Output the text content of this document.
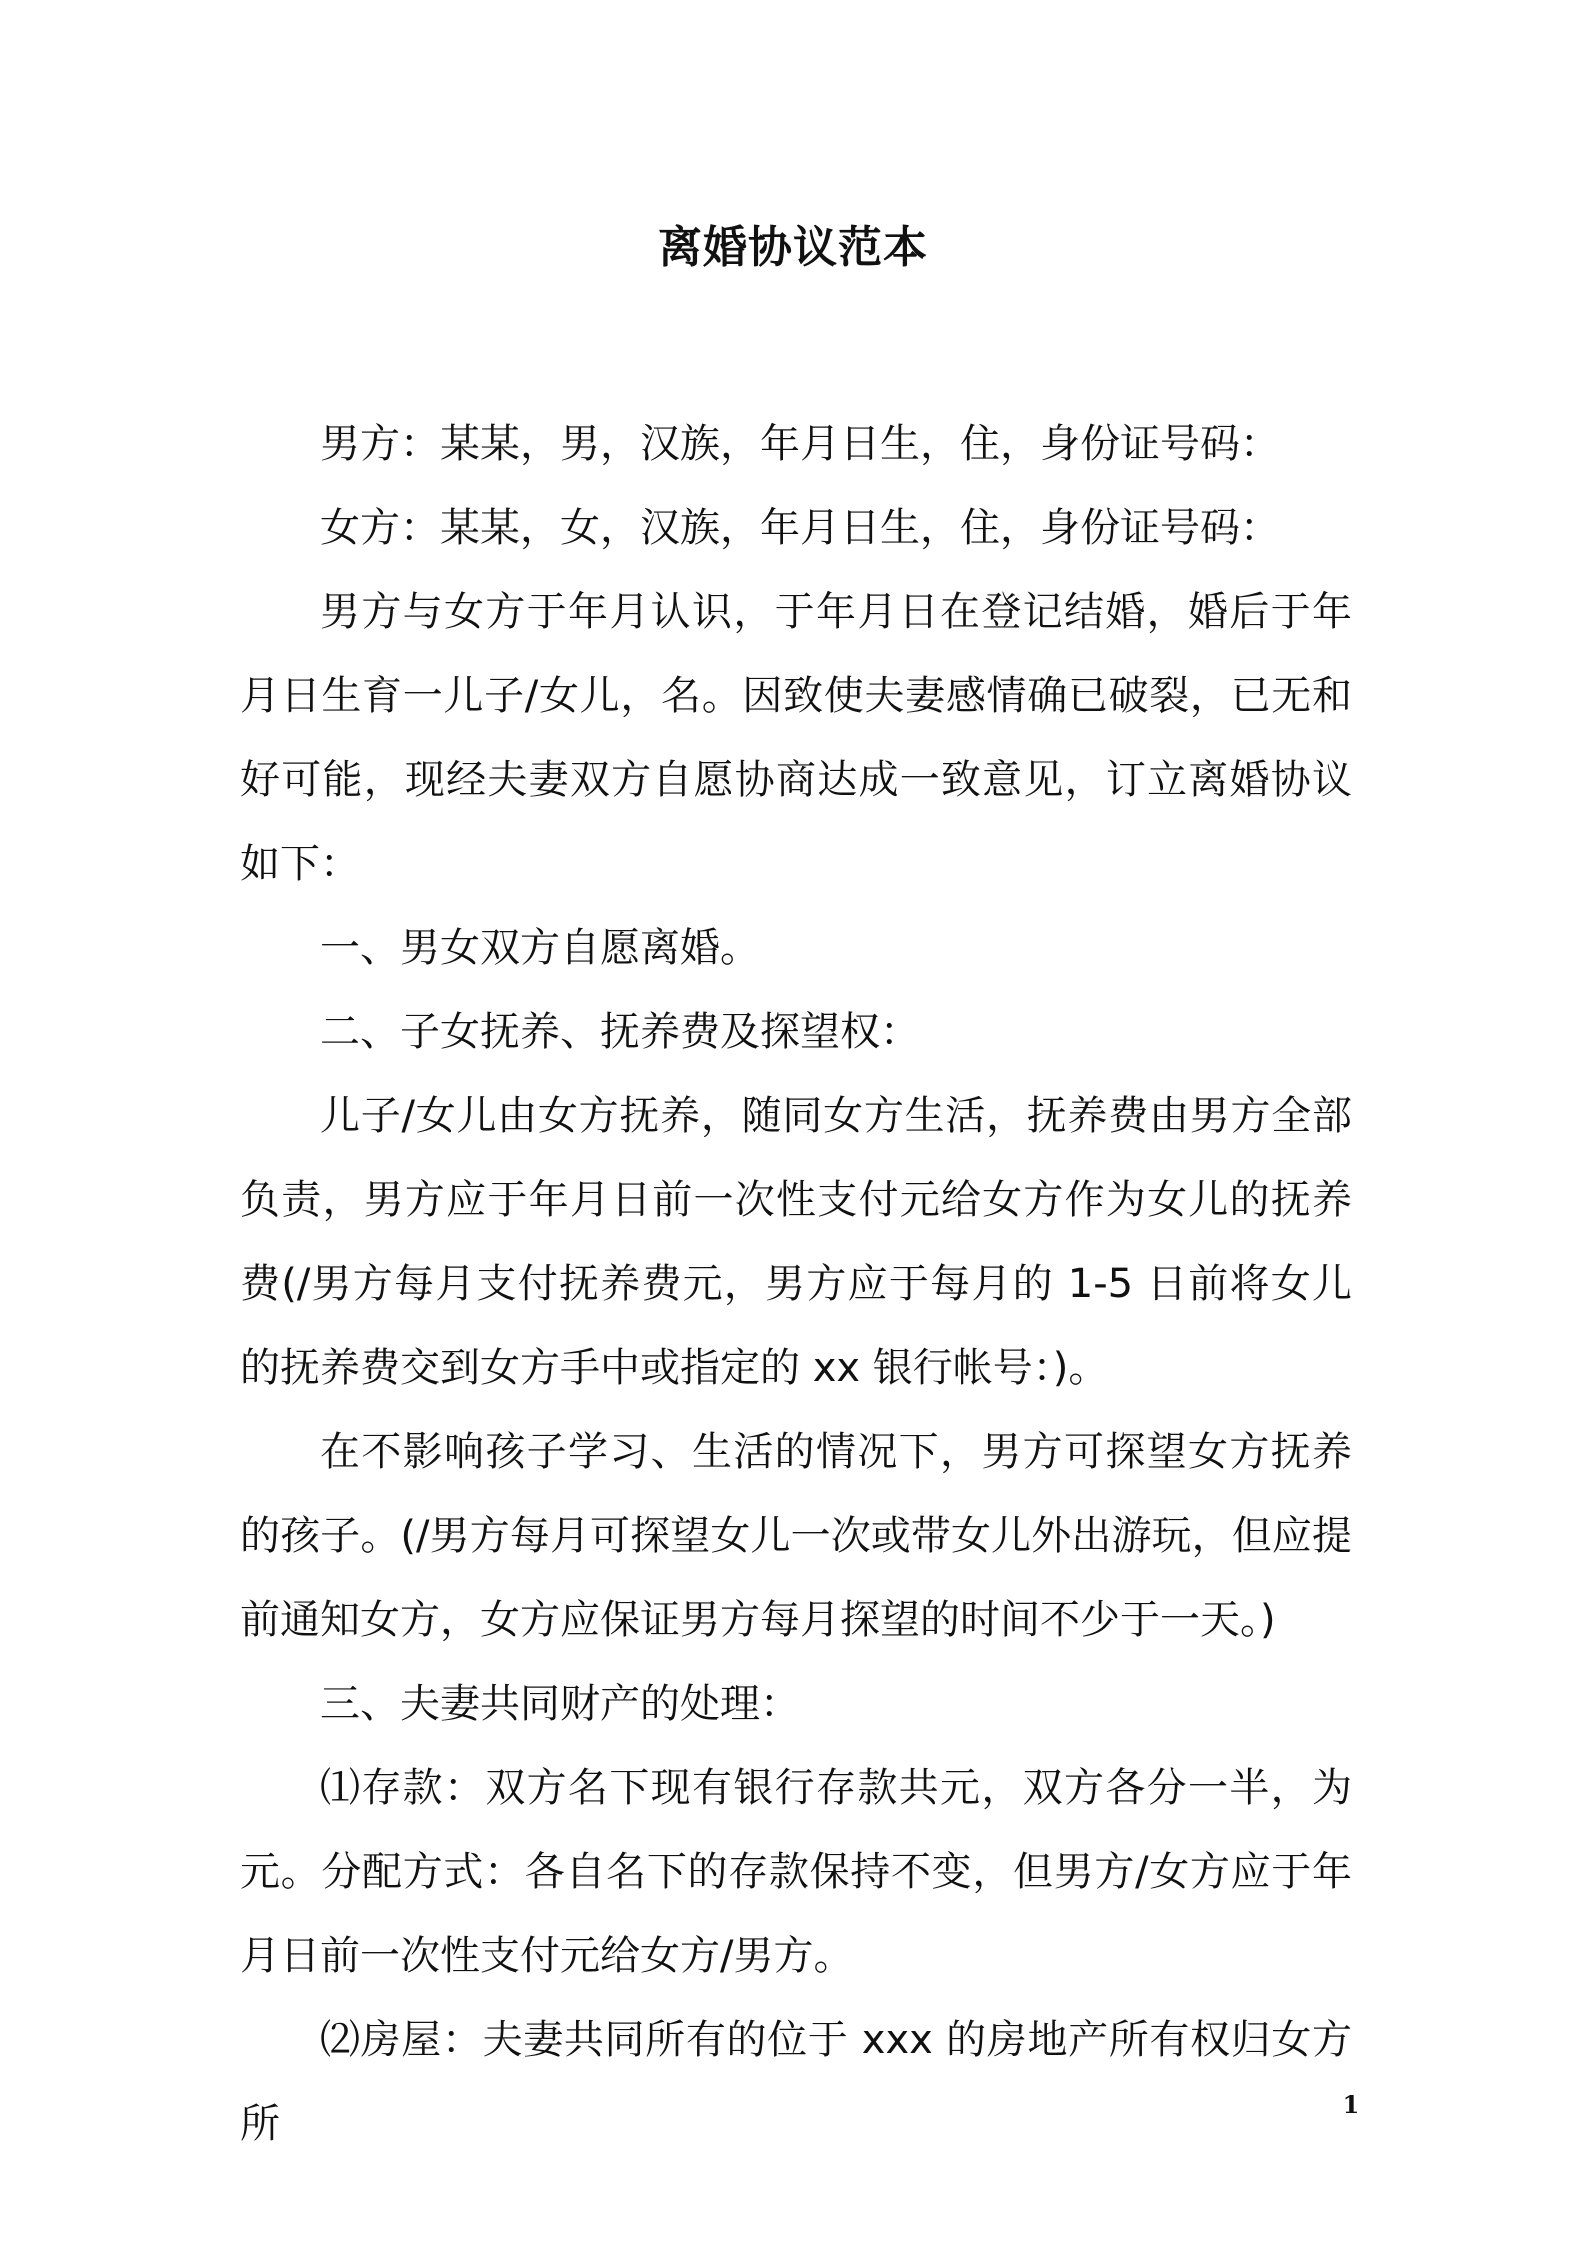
离婚协议范本

男方：某某，男，汉族，年月日生，住，身份证号码：

女方：某某，女，汉族，年月日生，住，身份证号码：

男方与女方于年月认识，于年月日在登记结婚，婚后于年月日生育一儿子/女儿，名。因致使夫妻感情确已破裂，已无和好可能，现经夫妻双方自愿协商达成一致意见，订立离婚协议如下：

一、男女双方自愿离婚。

二、子女抚养、抚养费及探望权：

儿子/女儿由女方抚养，随同女方生活，抚养费由男方全部负责，男方应于年月日前一次性支付元给女方作为女儿的抚养费(/男方每月支付抚养费元，男方应于每月的 1-5 日前将女儿的抚养费交到女方手中或指定的 xx 银行帐号：)。

在不影响孩子学习、生活的情况下，男方可探望女方抚养的孩子。(/男方每月可探望女儿一次或带女儿外出游玩，但应提前通知女方，女方应保证男方每月探望的时间不少于一天。)

三、夫妻共同财产的处理：

⑴存款：双方名下现有银行存款共元，双方各分一半，为元。分配方式：各自名下的存款保持不变，但男方/女方应于年月日前一次性支付元给女方/男方。

⑵房屋：夫妻共同所有的位于 xxx 的房地产所有权归女方所	1
